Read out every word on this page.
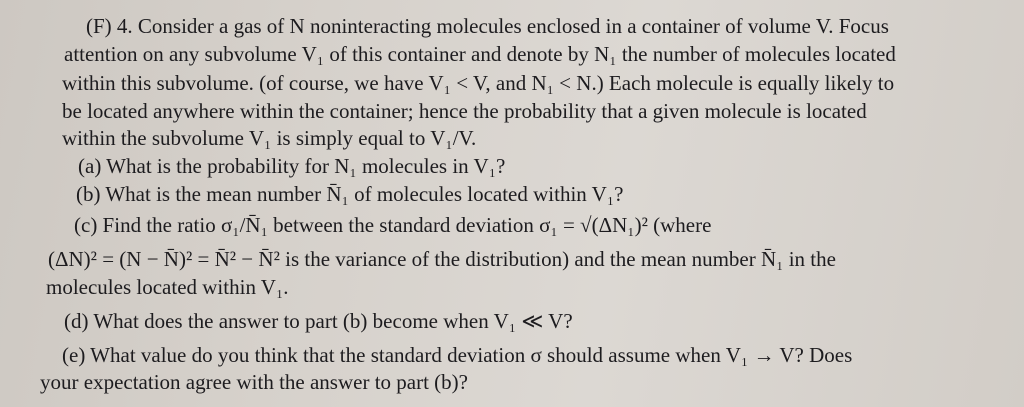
(F) 4. Consider a gas of N noninteracting molecules enclosed in a container of volume V. Focus
attention on any subvolume V₁ of this container and denote by N₁ the number of molecules located
within this subvolume. (of course, we have V₁ < V, and N₁ < N.) Each molecule is equally likely to
be located anywhere within the container; hence the probability that a given molecule is located
within the subvolume V₁ is simply equal to V₁/V.
(a) What is the probability for N₁ molecules in V₁?
(b) What is the mean number N̄₁ of molecules located within V₁?
(c) Find the ratio σ₁/N̄₁ between the standard deviation σ₁ = √(ΔN₁)² (where
(ΔN)² = (N − N̄)² = N̄² − N̄² is the variance of the distribution) and the mean number N̄₁ in the
molecules located within V₁.
(d) What does the answer to part (b) become when V₁ ≪ V?
(e) What value do you think that the standard deviation σ should assume when V₁ → V? Does
your expectation agree with the answer to part (b)?
